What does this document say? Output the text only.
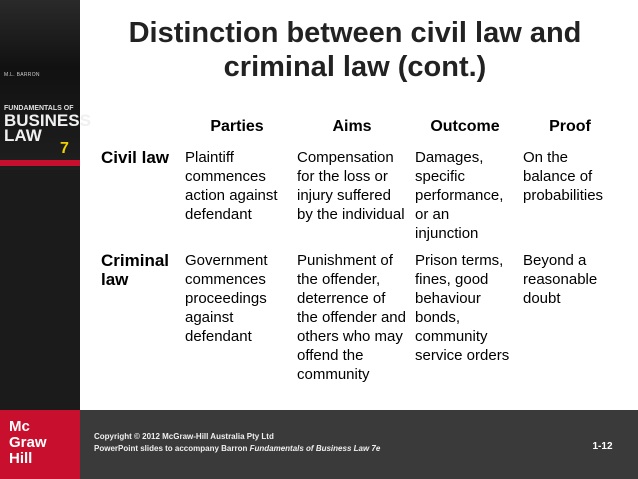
M.L. BARRON
FUNDAMENTALS OF
BUSINESS
LAW
7
Distinction between civil law and
criminal law (cont.)
	Parties	Aims	Outcome	Proof
Civil law	Plaintiff commences action against defendant	Compensation for the loss or injury suffered by the individual	Damages, specific performance, or an injunction	On the balance of probabilities
Criminal law	Government commences proceedings against defendant	Punishment of the offender, deterrence of the offender and others who may offend the community	Prison terms, fines, good behaviour bonds, community service orders	Beyond a reasonable doubt
Mc
Graw
Hill
Copyright © 2012 McGraw-Hill Australia Pty Ltd
PowerPoint slides to accompany Barron Fundamentals of Business Law 7e	1-12
